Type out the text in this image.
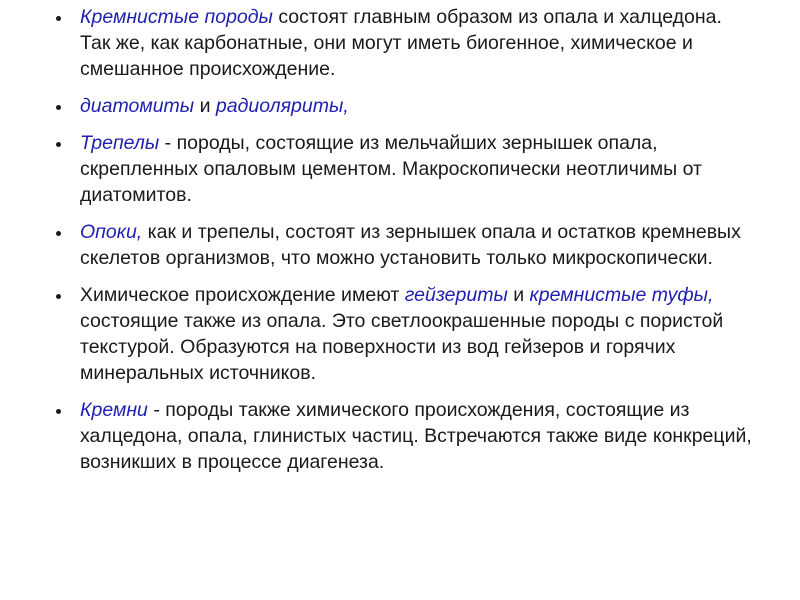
Кремнистые породы состоят главным образом из опала и халцедона. Так же, как карбонатные, они могут иметь биогенное, химическое и смешанное происхождение.
диатомиты и радиоляриты,
Трепелы - породы, состоящие из мельчайших зернышек опала, скрепленных опаловым цементом. Макроскопически неотличимы от диатомитов.
Опоки, как и трепелы, состоят из зернышек опала и остатков кремневых скелетов организмов, что можно установить только микроскопически.
Химическое происхождение имеют гейзериты и кремнистые туфы, состоящие также из опала. Это светлоокрашенные породы с пористой текстурой. Образуются на поверхности из вод гейзеров и горячих минеральных источников.
Кремни - породы также химического происхождения, состоящие из халцедона, опала, глинистых частиц. Встречаются также виде конкреций, возникших в процессе диагенеза.
